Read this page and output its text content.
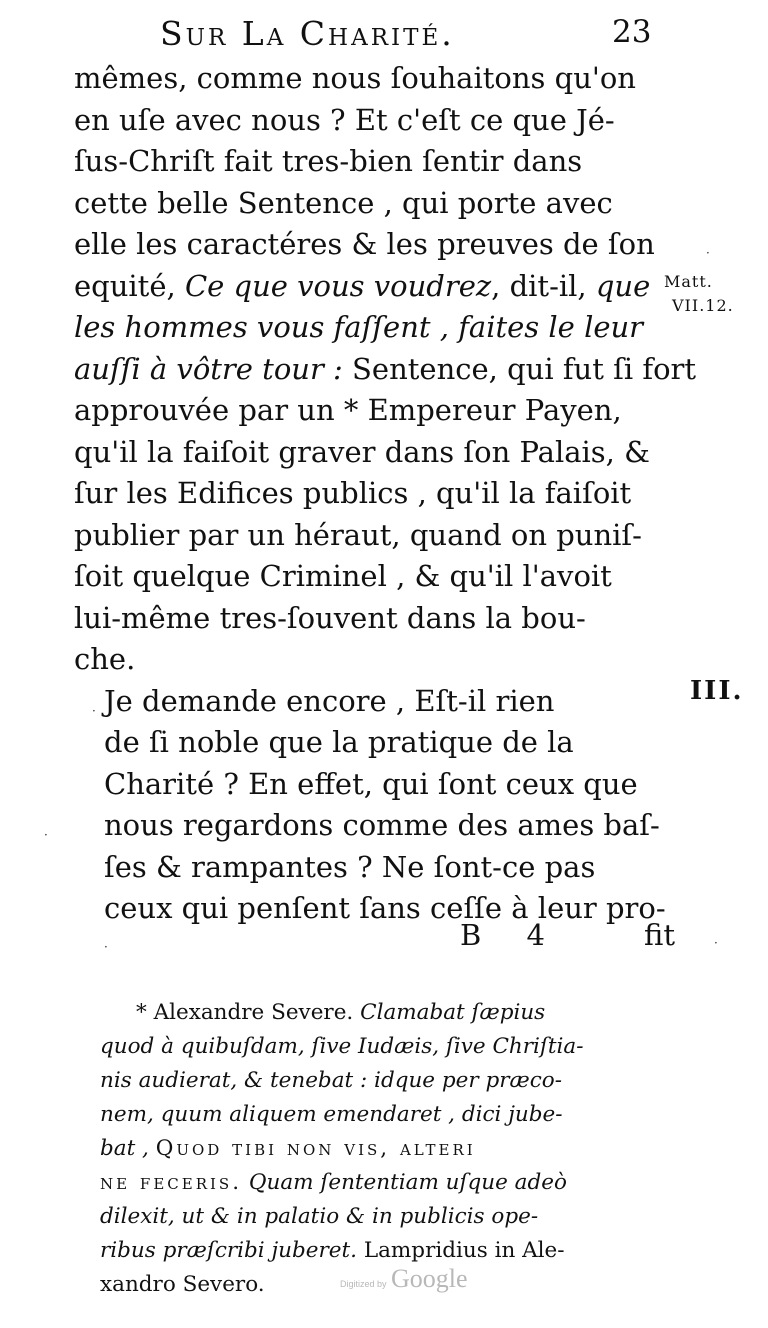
Sur La Charité.	23
mêmes, comme nous ſouhaitons qu'on
en uſe avec nous ? Et c'eſt ce que Jé-
ſus-Chriſt fait tres-bien ſentir dans
cette belle Sentence , qui porte avec
elle les caractéres & les preuves de ſon
equité, Ce que vous voudrez, dit-il, que
les hommes vous faſſent , faites le leur
auſſi à vôtre tour : Sentence, qui fut ſi fort
approuvée par un * Empereur Payen,
qu'il la faiſoit graver dans ſon Palais, &
ſur les Edifices publics , qu'il la faiſoit
publier par un héraut, quand on puniſ-
ſoit quelque Criminel , & qu'il l'avoit
lui-même tres-ſouvent dans la bou-
che.
Je demande encore , Eſt-il rien
de ſi noble que la pratique de la
Charité ? En effet, qui ſont ceux que
nous regardons comme des ames baſ-
ſes & rampantes ? Ne ſont-ce pas
ceux qui penſent ſans ceſſe à leur pro-
Matt.
VII.12.
III.
B 4	fit
* Alexandre Severe. Clamabat ſæpius
quod à quibuſdam, ſive Iudæis, ſive Chriſtia-
nis audierat, & tenebat : idque per præco-
nem, quum aliquem emendaret , dici jube-
bat , Quod tibi non vis, alteri
ne feceris. Quam ſententiam uſque adeò
dilexit, ut & in palatio & in publicis ope-
ribus præſcribi juberet. Lampridius in Ale-
xandro Severo.	Digitized by Google
·
·
·
·	·
